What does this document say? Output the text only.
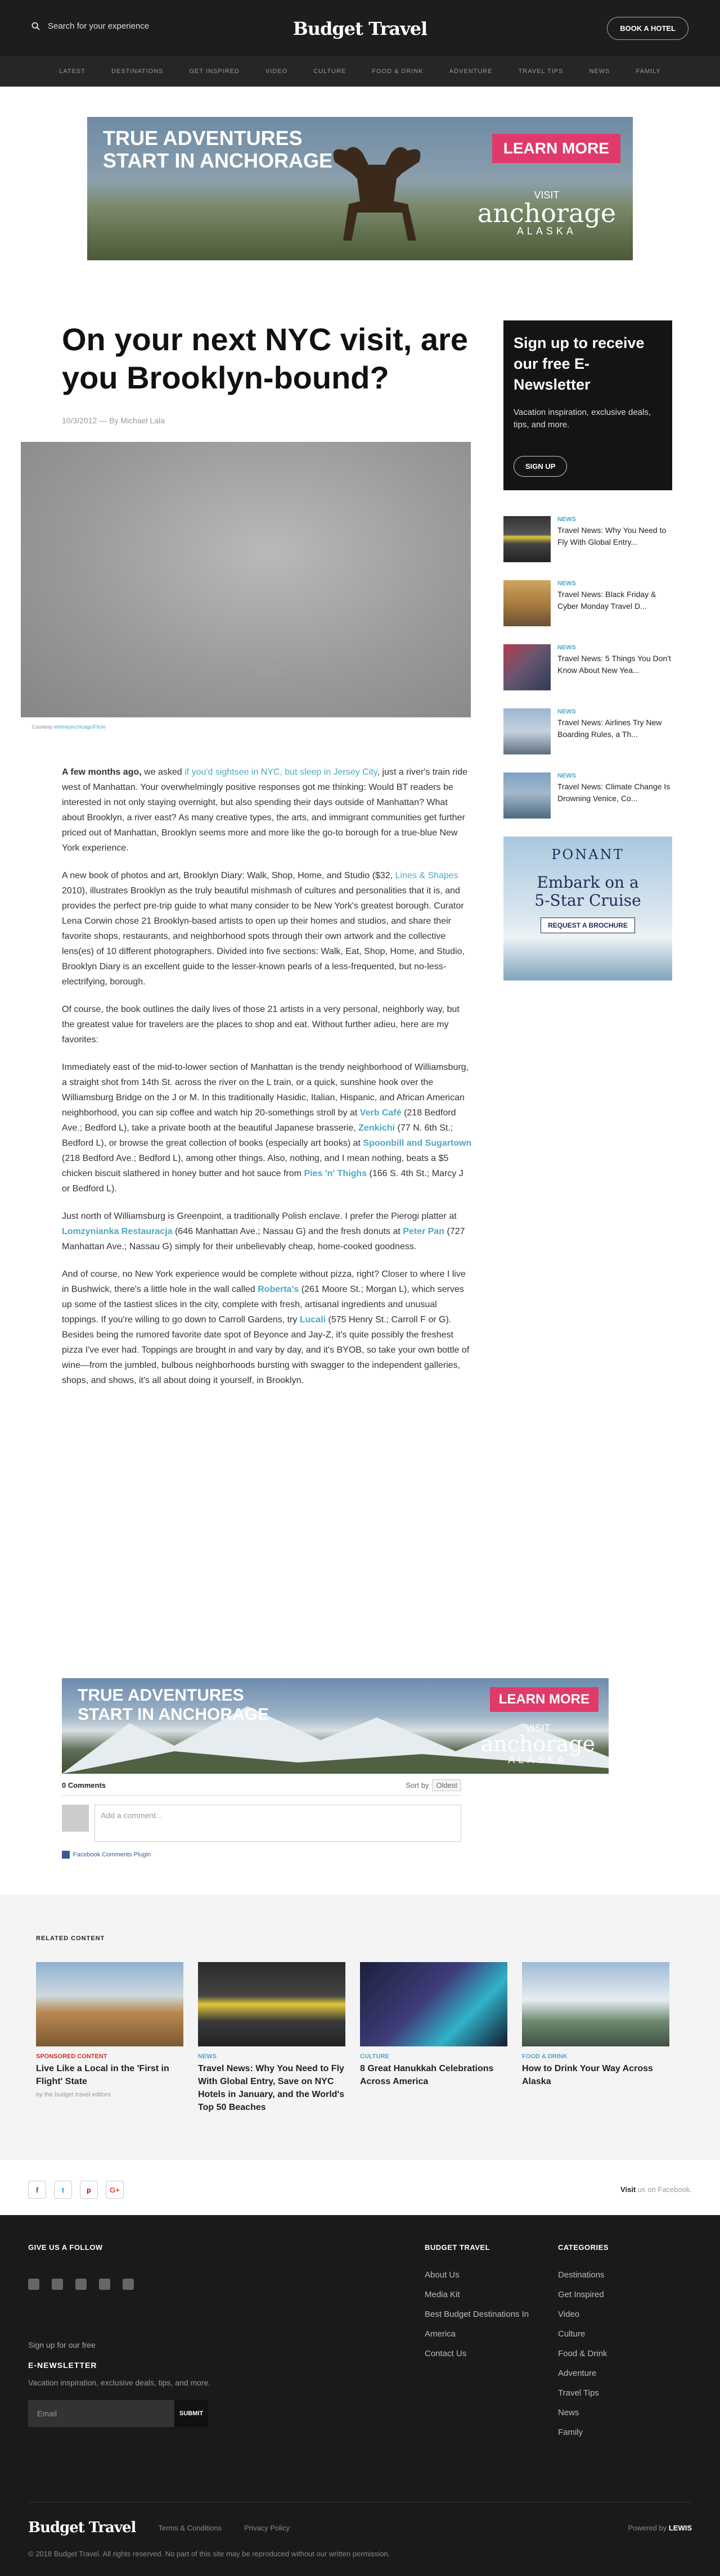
Search for your experience	Budget Travel	BOOK A HOTEL
LATEST	DESTINATIONS	GET INSPIRED	VIDEO	CULTURE	FOOD & DRINK	ADVENTURE	TRAVEL TIPS	NEWS	FAMILY
TRUE ADVENTURES
START IN ANCHORAGE
LEARN MORE
VISIT
anchorage
ALASKA
On your next NYC visit, are you Brooklyn-bound?
10/3/2012 — By Michael Lala
Courtesy whitneyinchicago/Flickr

A few months ago, we asked if you'd sightsee in NYC, but sleep in Jersey City, just a river's train ride west of Manhattan. Your overwhelmingly positive responses got me thinking: Would BT readers be interested in not only staying overnight, but also spending their days outside of Manhattan? What about Brooklyn, a river east? As many creative types, the arts, and immigrant communities get further priced out of Manhattan, Brooklyn seems more and more like the go-to borough for a true-blue New York experience.

A new book of photos and art, Brooklyn Diary: Walk, Shop, Home, and Studio ($32, Lines & Shapes 2010), illustrates Brooklyn as the truly beautiful mishmash of cultures and personalities that it is, and provides the perfect pre-trip guide to what many consider to be New York's greatest borough. Curator Lena Corwin chose 21 Brooklyn-based artists to open up their homes and studios, and share their favorite shops, restaurants, and neighborhood spots through their own artwork and the collective lens(es) of 10 different photographers. Divided into five sections: Walk, Eat, Shop, Home, and Studio, Brooklyn Diary is an excellent guide to the lesser-known pearls of a less-frequented, but no-less-electrifying, borough.

Of course, the book outlines the daily lives of those 21 artists in a very personal, neighborly way, but the greatest value for travelers are the places to shop and eat. Without further adieu, here are my favorites:

Immediately east of the mid-to-lower section of Manhattan is the trendy neighborhood of Williamsburg, a straight shot from 14th St. across the river on the L train, or a quick, sunshine hook over the Williamsburg Bridge on the J or M. In this traditionally Hasidic, Italian, Hispanic, and African American neighborhood, you can sip coffee and watch hip 20-somethings stroll by at Verb Café (218 Bedford Ave.; Bedford L), take a private booth at the beautiful Japanese brasserie, Zenkichi (77 N. 6th St.; Bedford L), or browse the great collection of books (especially art books) at Spoonbill and Sugartown (218 Bedford Ave.; Bedford L), among other things. Also, nothing, and I mean nothing, beats a $5 chicken biscuit slathered in honey butter and hot sauce from Pies 'n' Thighs (166 S. 4th St.; Marcy J or Bedford L).

Just north of Williamsburg is Greenpoint, a traditionally Polish enclave. I prefer the Pierogi platter at Lomzynianka Restauracja (646 Manhattan Ave.; Nassau G) and the fresh donuts at Peter Pan (727 Manhattan Ave.; Nassau G) simply for their unbelievably cheap, home-cooked goodness.

And of course, no New York experience would be complete without pizza, right? Closer to where I live in Bushwick, there's a little hole in the wall called Roberta's (261 Moore St.; Morgan L), which serves up some of the tastiest slices in the city, complete with fresh, artisanal ingredients and unusual toppings. If you're willing to go down to Carroll Gardens, try Lucali (575 Henry St.; Carroll F or G). Besides being the rumored favorite date spot of Beyonce and Jay-Z, it's quite possibly the freshest pizza I've ever had. Toppings are brought in and vary by day, and it's BYOB, so take your own bottle of wine—from the jumbled, bulbous neighborhoods bursting with swagger to the independent galleries, shops, and shows, it's all about doing it yourself, in Brooklyn.

TRUE ADVENTURES
START IN ANCHORAGE
LEARN MORE
VISIT
anchorage
ALASKA
0 Comments	Sort by Oldest
Add a comment...
Facebook Comments Plugin
Sign up to receive our free E-Newsletter

Vacation inspiration, exclusive deals, tips, and more.

SIGN UP
NEWS
Travel News: Why You Need to Fly With Global Entry...
NEWS
Travel News: Black Friday & Cyber Monday Travel D...
NEWS
Travel News: 5 Things You Don't Know About New Yea...
NEWS
Travel News: Airlines Try New Boarding Rules, a Th...
NEWS
Travel News: Climate Change Is Drowning Venice, Co...
PONANT
Embark on a
5-Star Cruise
REQUEST A BROCHURE
RELATED CONTENT
SPONSORED CONTENT
Live Like a Local in the 'First in Flight' State
by the budget travel editors
NEWS
Travel News: Why You Need to Fly With Global Entry, Save on NYC Hotels in January, and the World's Top 50 Beaches
CULTURE
8 Great Hanukkah Celebrations Across America
FOOD & DRINK
How to Drink Your Way Across Alaska
f	t	p	G+	Visit us on Facebook.
GIVE US A FOLLOW
Sign up for our free
E-NEWSLETTER
Vacation inspiration, exclusive deals, tips, and more.
Email	SUBMIT
BUDGET TRAVEL
About Us
Media Kit
Best Budget Destinations In America
Contact Us
CATEGORIES
Destinations
Get Inspired
Video
Culture
Food & Drink
Adventure
Travel Tips
News
Family
Budget Travel	Terms & Conditions	Privacy Policy	Powered by LEWIS
© 2018 Budget Travel. All rights reserved. No part of this site may be reproduced without our written permission.
